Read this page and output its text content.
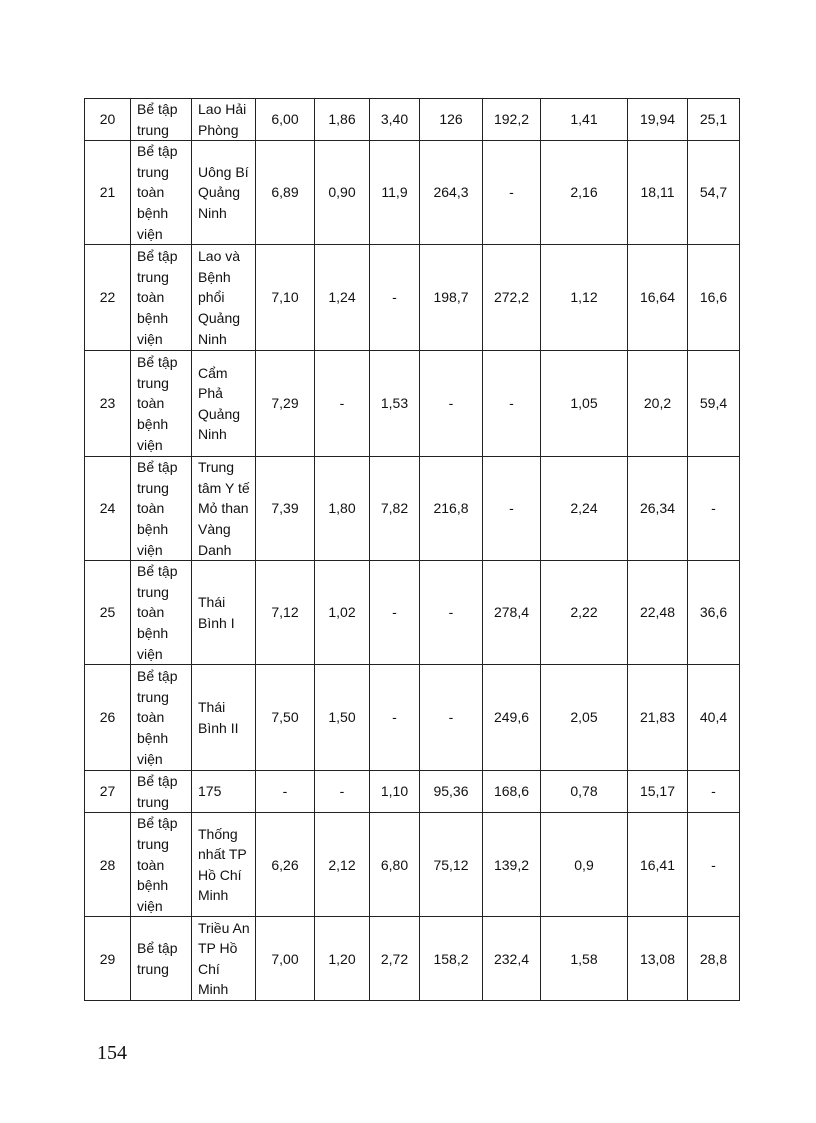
20	Bể tập trung	Lao Hải Phòng	6,00	1,86	3,40	126	192,2	1,41	19,94	25,1
21	Bể tập trung toàn bệnh viện	Uông Bí Quảng Ninh	6,89	0,90	11,9	264,3	-	2,16	18,11	54,7
22	Bể tập trung toàn bệnh viện	Lao và Bệnh phổi Quảng Ninh	7,10	1,24	-	198,7	272,2	1,12	16,64	16,6
23	Bể tập trung toàn bệnh viện	Cẩm Phả Quảng Ninh	7,29	-	1,53	-	-	1,05	20,2	59,4
24	Bể tập trung toàn bệnh viện	Trung tâm Y tế Mỏ than Vàng Danh	7,39	1,80	7,82	216,8	-	2,24	26,34	-
25	Bể tập trung toàn bệnh viện	Thái Bình I	7,12	1,02	-	-	278,4	2,22	22,48	36,6
26	Bể tập trung toàn bệnh viện	Thái Bình II	7,50	1,50	-	-	249,6	2,05	21,83	40,4
27	Bể tập trung	175	-	-	1,10	95,36	168,6	0,78	15,17	-
28	Bể tập trung toàn bệnh viện	Thống nhất TP Hồ Chí Minh	6,26	2,12	6,80	75,12	139,2	0,9	16,41	-
29	Bể tập trung	Triều An TP Hồ Chí Minh	7,00	1,20	2,72	158,2	232,4	1,58	13,08	28,8
154
